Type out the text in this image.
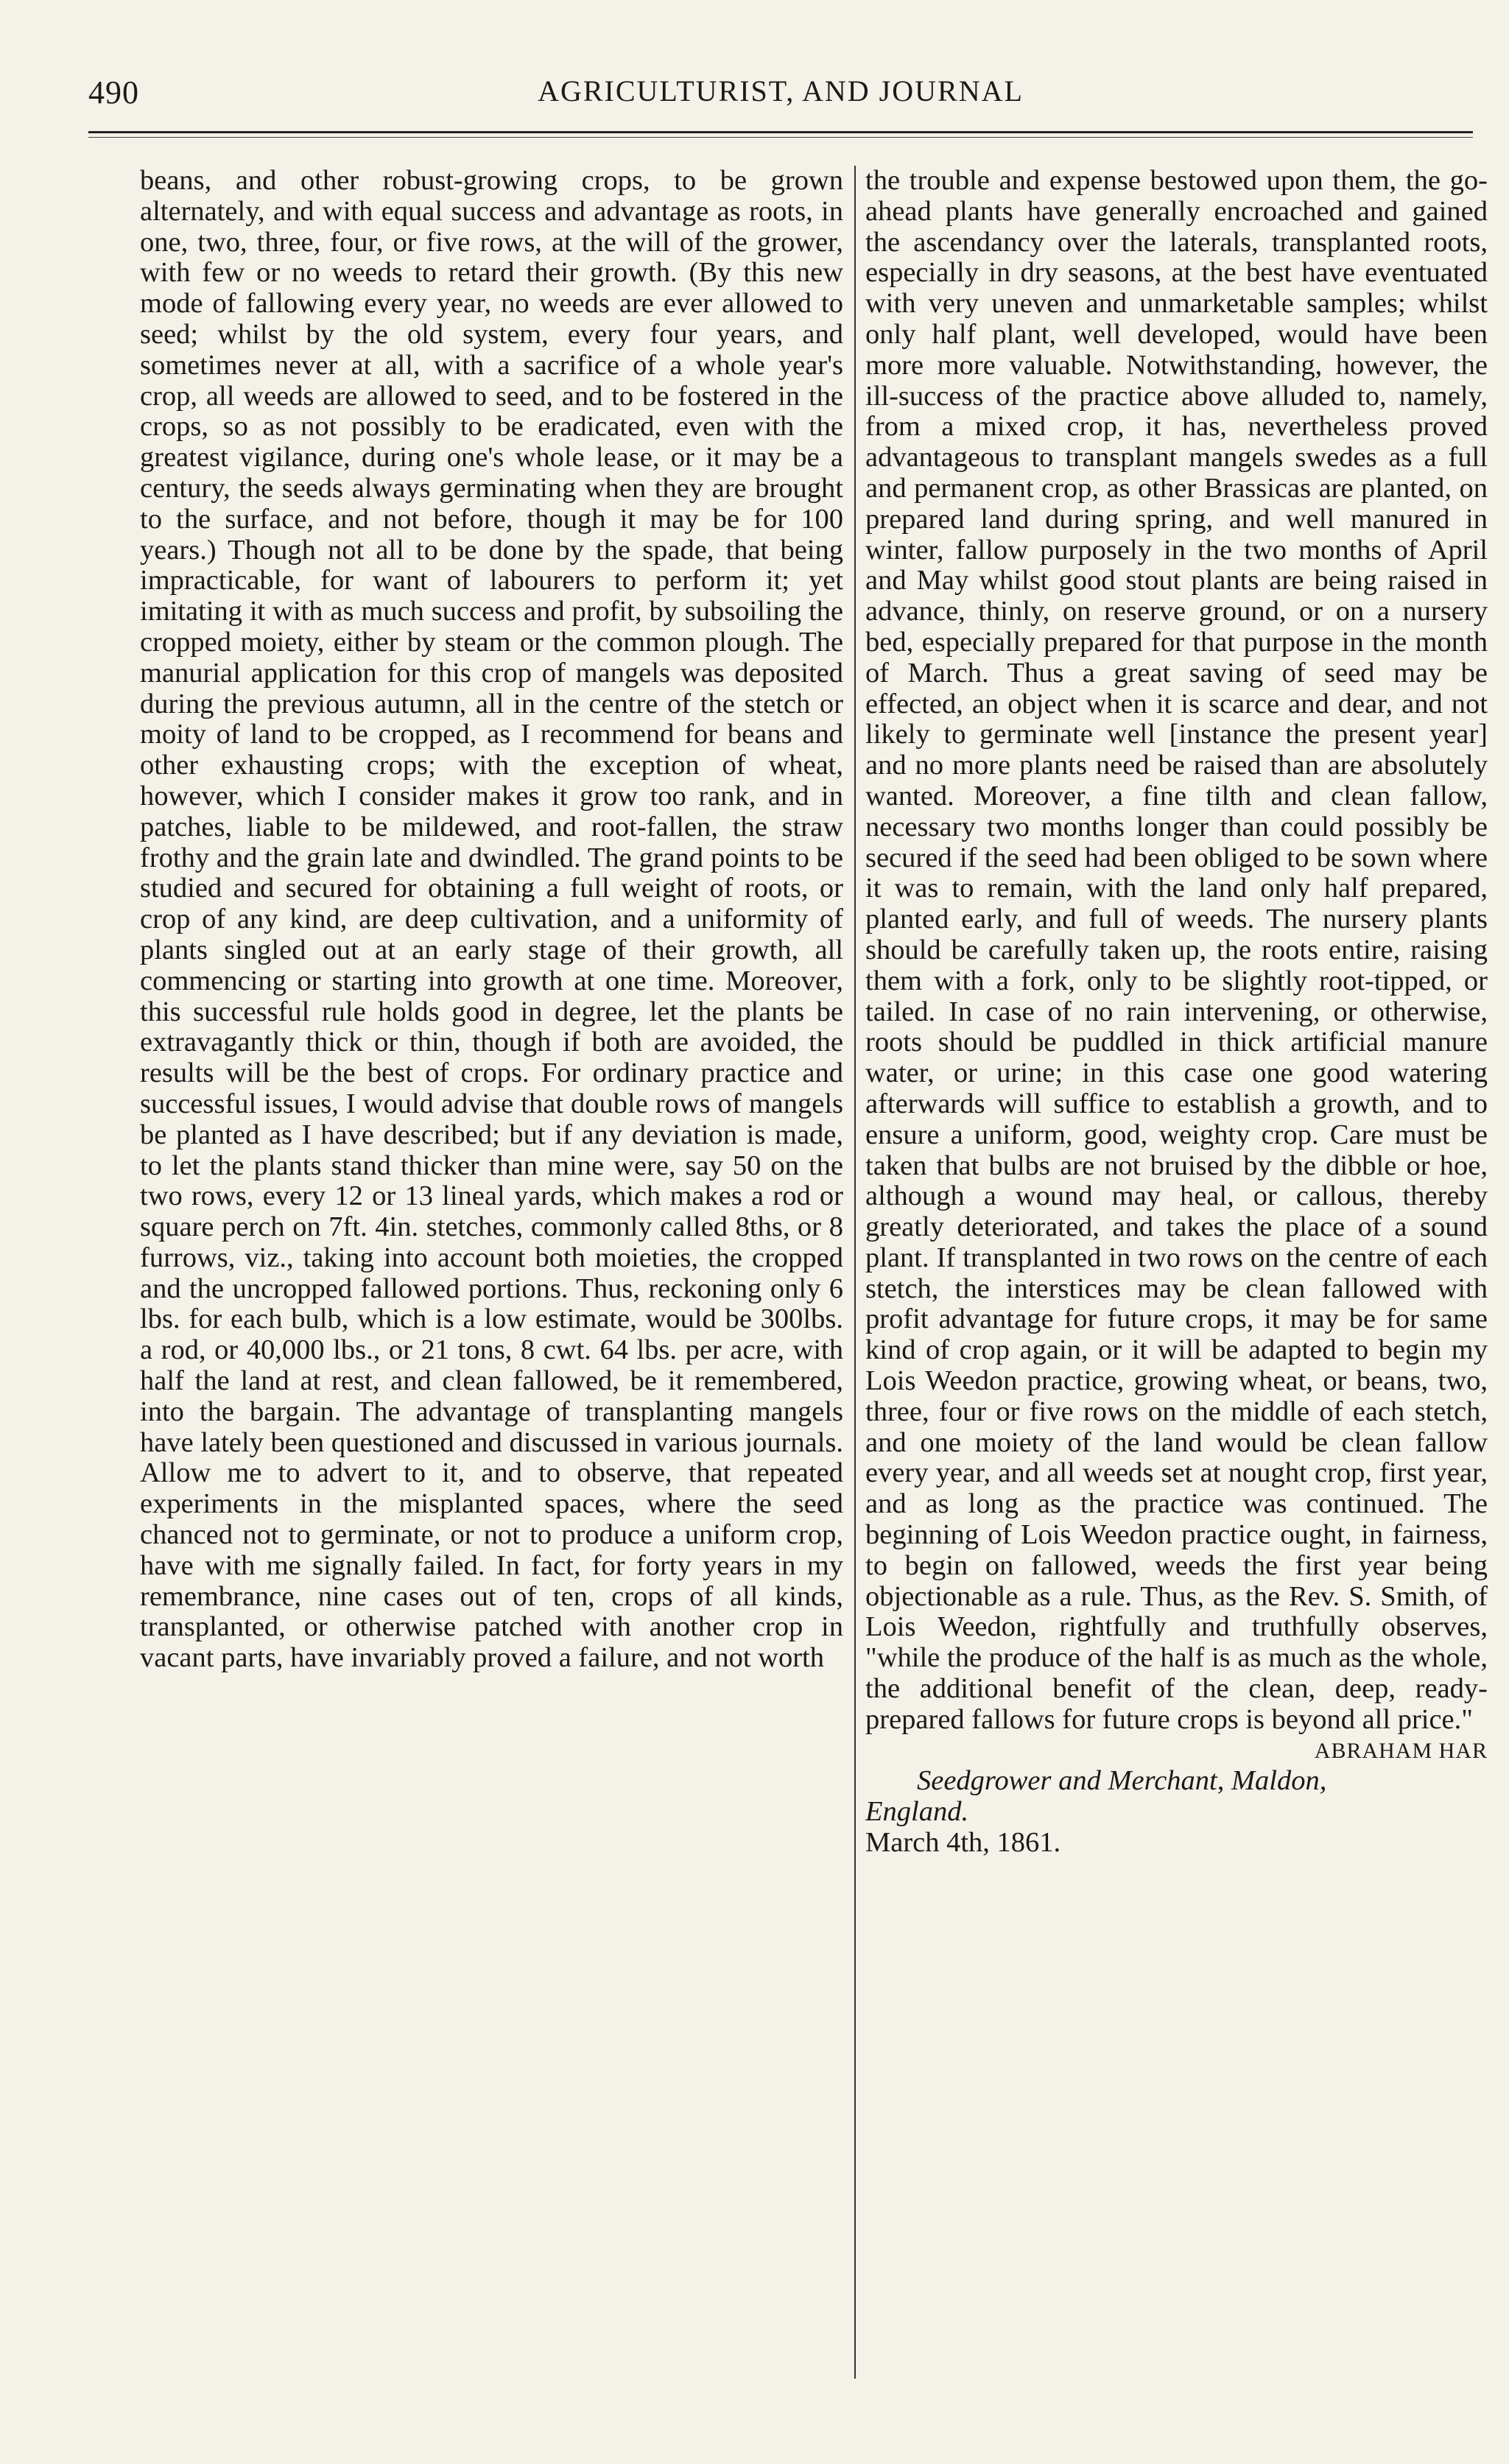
490	AGRICULTURIST, AND JOURNAL

beans, and other robust-growing crops, to be grown alternately, and with equal success and advantage as roots, in one, two, three, four, or five rows, at the will of the grower, with few or no weeds to retard their growth. (By this new mode of fallowing every year, no weeds are ever allowed to seed; whilst by the old system, every four years, and sometimes never at all, with a sacrifice of a whole year's crop, all weeds are allowed to seed, and to be fostered in the crops, so as not possibly to be eradicated, even with the greatest vigilance, during one's whole lease, or it may be a century, the seeds always germinating when they are brought to the surface, and not before, though it may be for 100 years.) Though not all to be done by the spade, that being impracticable, for want of labourers to perform it; yet imitating it with as much success and profit, by subsoiling the cropped moiety, either by steam or the common plough. The manurial application for this crop of mangels was deposited during the previous autumn, all in the centre of the stetch or moity of land to be cropped, as I recommend for beans and other exhausting crops; with the exception of wheat, however, which I consider makes it grow too rank, and in patches, liable to be mildewed, and root-fallen, the straw frothy and the grain late and dwindled. The grand points to be studied and secured for obtaining a full weight of roots, or crop of any kind, are deep cultivation, and a uniformity of plants singled out at an early stage of their growth, all commencing or starting into growth at one time. Moreover, this successful rule holds good in degree, let the plants be extravagantly thick or thin, though if both are avoided, the results will be the best of crops. For ordinary practice and successful issues, I would advise that double rows of mangels be planted as I have described; but if any deviation is made, to let the plants stand thicker than mine were, say 50 on the two rows, every 12 or 13 lineal yards, which makes a rod or square perch on 7ft. 4in. stetches, commonly called 8ths, or 8 furrows, viz., taking into account both moieties, the cropped and the uncropped fallowed portions. Thus, reckoning only 6 lbs. for each bulb, which is a low estimate, would be 300lbs. a rod, or 40,000 lbs., or 21 tons, 8 cwt. 64 lbs. per acre, with half the land at rest, and clean fallowed, be it remembered, into the bargain. The advantage of transplanting mangels have lately been questioned and discussed in various journals. Allow me to advert to it, and to observe, that repeated experiments in the misplanted spaces, where the seed chanced not to germinate, or not to produce a uniform crop, have with me signally failed. In fact, for forty years in my remembrance, nine cases out of ten, crops of all kinds, transplanted, or otherwise patched with another crop in vacant parts, have invariably proved a failure, and not worth

the trouble and expense bestowed upon them, the go-ahead plants have generally encroached and gained the ascendancy over the laterals, transplanted roots, especially in dry seasons, at the best have eventuated with very uneven and unmarketable samples; whilst only half plant, well developed, would have been more more valuable. Notwithstanding, however, the ill-success of the practice above alluded to, namely, from a mixed crop, it has, nevertheless proved advantageous to transplant mangels swedes as a full and permanent crop, as other Brassicas are planted, on prepared land during spring, and well manured in winter, fallow purposely in the two months of April and May whilst good stout plants are being raised in advance, thinly, on reserve ground, or on a nursery bed, especially prepared for that purpose in the month of March. Thus a great saving of seed may be effected, an object when it is scarce and dear, and not likely to germinate well [instance the present year] and no more plants need be raised than are absolutely wanted. Moreover, a fine tilth and clean fallow, necessary two months longer than could possibly be secured if the seed had been obliged to be sown where it was to remain, with the land only half prepared, planted early, and full of weeds. The nursery plants should be carefully taken up, the roots entire, raising them with a fork, only to be slightly root-tipped, or tailed. In case of no rain intervening, or otherwise, roots should be puddled in thick artificial manure water, or urine; in this case one good watering afterwards will suffice to establish a growth, and to ensure a uniform, good, weighty crop. Care must be taken that bulbs are not bruised by the dibble or hoe, although a wound may heal, or callous, thereby greatly deteriorated, and takes the place of a sound plant. If transplanted in two rows on the centre of each stetch, the interstices may be clean fallowed with profit advantage for future crops, it may be for same kind of crop again, or it will be adapted to begin my Lois Weedon practice, growing wheat, or beans, two, three, four or five rows on the middle of each stetch, and one moiety of the land would be clean fallow every year, and all weeds set at nought crop, first year, and as long as the practice was continued. The beginning of Lois Weedon practice ought, in fairness, to begin on fallowed, weeds the first year being objectionable as a rule. Thus, as the Rev. S. Smith, of Lois Weedon, rightfully and truthfully observes, "while the produce of the half is as much as the whole, the additional benefit of the clean, deep, ready-prepared fallows for future crops is beyond all price."

ABRAHAM HAR

Seedgrower and Merchant, Maldon,

England.

March 4th, 1861.
